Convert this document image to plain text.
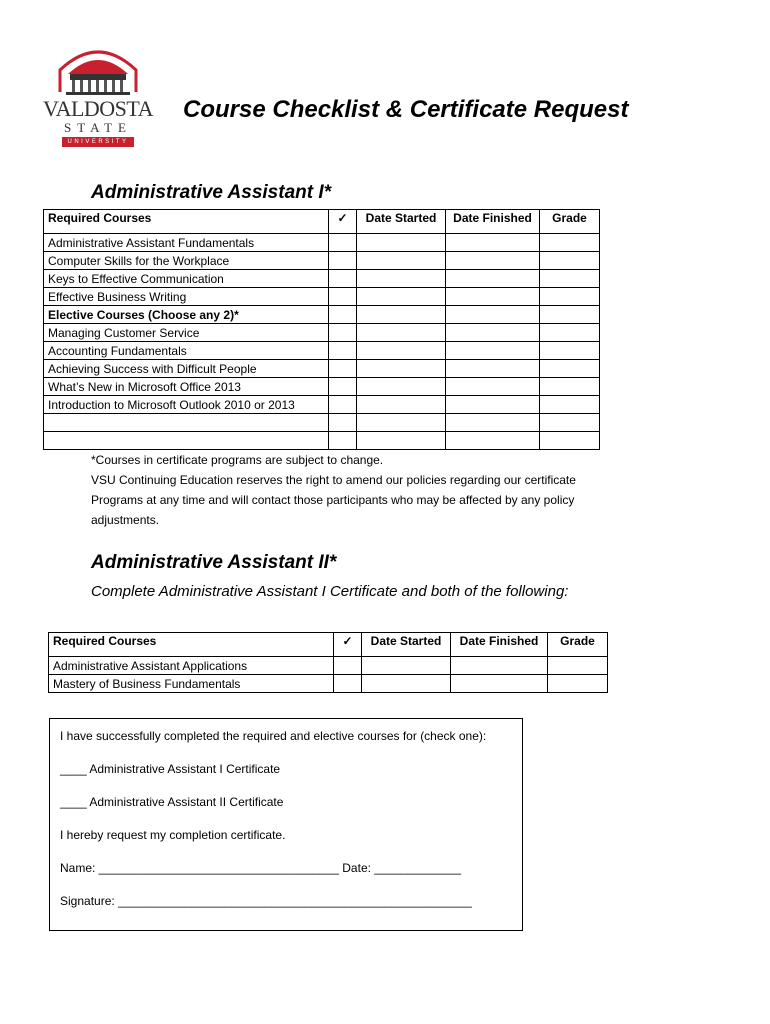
VALDOSTA
STATE
UNIVERSITY
Course Checklist & Certificate Request
Administrative Assistant I*
Required Courses	✓	Date Started	Date Finished	Grade
Administrative Assistant Fundamentals				
Computer Skills for the Workplace				
Keys to Effective Communication				
Effective Business Writing				
Elective Courses (Choose any 2)*				
Managing Customer Service				
Accounting Fundamentals				
Achieving Success with Difficult People				
What’s New in Microsoft Office 2013				
Introduction to Microsoft Outlook 2010 or 2013				

*Courses in certificate programs are subject to change.
VSU Continuing Education reserves the right to amend our policies regarding our certificate
Programs at any time and will contact those participants who may be affected by any policy
adjustments.
Administrative Assistant II*
Complete Administrative Assistant I Certificate and both of the following:
Required Courses	✓	Date Started	Date Finished	Grade
Administrative Assistant Applications				
Mastery of Business Fundamentals				

I have successfully completed the required and elective courses for (check one):

____ Administrative Assistant I Certificate

____ Administrative Assistant II Certificate

I hereby request my completion certificate.

Name: ____________________________________ Date: _____________

Signature: _____________________________________________________
